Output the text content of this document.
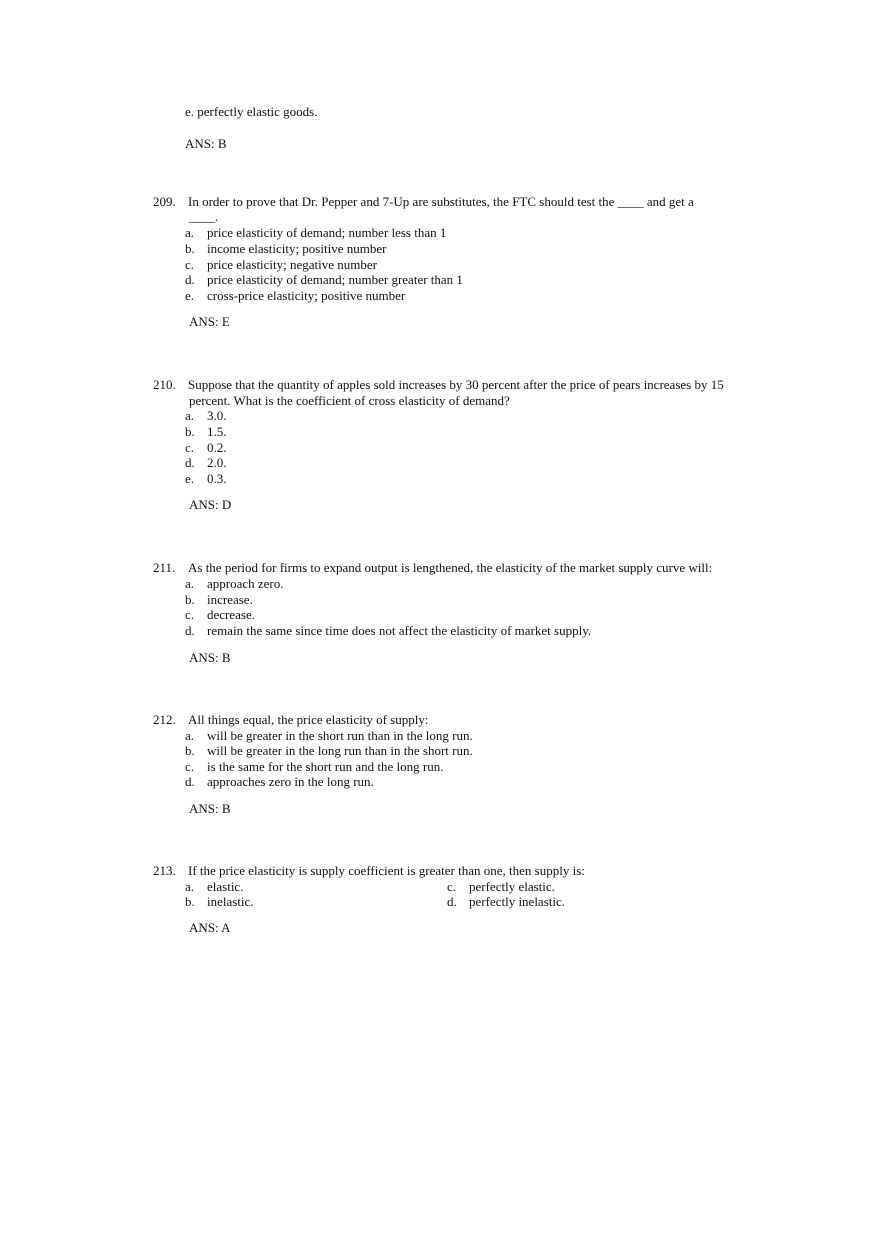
e. perfectly elastic goods.
ANS: B
209. In order to prove that Dr. Pepper and 7-Up are substitutes, the FTC should test the ____ and get a
____.
a. price elasticity of demand; number less than 1
b. income elasticity; positive number
c. price elasticity; negative number
d. price elasticity of demand; number greater than 1
e. cross-price elasticity; positive number
ANS: E
210. Suppose that the quantity of apples sold increases by 30 percent after the price of pears increases by 15
percent. What is the coefficient of cross elasticity of demand?
a. 3.0.
b. 1.5.
c. 0.2.
d. 2.0.
e. 0.3.
ANS: D
211. As the period for firms to expand output is lengthened, the elasticity of the market supply curve will:
a. approach zero.
b. increase.
c. decrease.
d. remain the same since time does not affect the elasticity of market supply.
ANS: B
212. All things equal, the price elasticity of supply:
a. will be greater in the short run than in the long run.
b. will be greater in the long run than in the short run.
c. is the same for the short run and the long run.
d. approaches zero in the long run.
ANS: B
213. If the price elasticity is supply coefficient is greater than one, then supply is:
a. elastic.
b. inelastic.
c. perfectly elastic.
d. perfectly inelastic.
ANS: A
